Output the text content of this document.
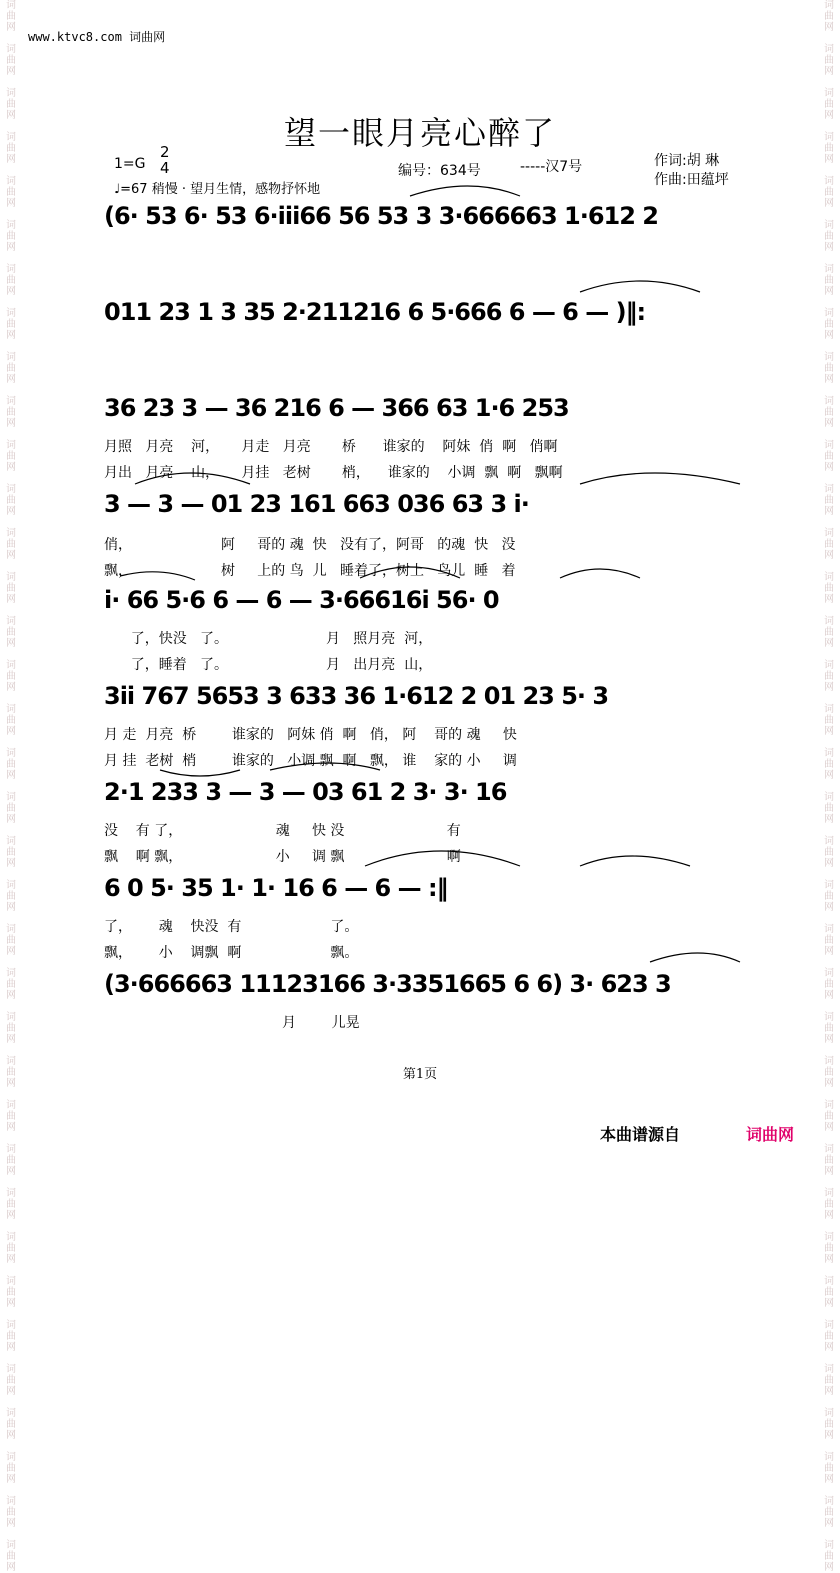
词
曲
网

词
曲
网

词
曲
网

词
曲
网

词
曲
网

词
曲
网

词
曲
网

词
曲
网

词
曲
网

词
曲
网

词
曲
网

词
曲
网

词
曲
网

词
曲
网

词
曲
网

词
曲
网

词
曲
网

词
曲
网

词
曲
网

词
曲
网

词
曲
网

词
曲
网

词
曲
网

词
曲
网

词
曲
网

词
曲
网

词
曲
网

词
曲
网

词
曲
网

词
曲
网

词
曲
网

词
曲
网

词
曲
网

词
曲
网

词
曲
网

词
曲
网

词
曲
网

词
曲
网

词
曲
网

词
曲
网

词
曲
网

词
曲
网

词
曲
网

词
曲
网

词
曲
网

词
曲
网

词
曲
网

词
曲
网

词
曲
网

词
曲
网

词
曲
网

词
曲
网

词
曲
网

词
曲
网

词
曲
网

词
曲
网

词
曲
网

词
曲
网

词
曲
网

词
曲
网

词
曲
网

词
曲
网

词
曲
网

词
曲
网

词
曲
网

词
曲
网

词
曲
网

词
曲
网

词
曲
网

词
曲
网

词
曲
网

词
曲
网

www.ktvc8.com 词曲网
望一眼月亮心醉了
1=G
2
4
♩=67 稍慢 · 望月生情，感物抒怀地
编号：634号	-----汉7号	作词:胡 琳
作曲:田蕴坪
(6· 53 6· 53 6·i̇i̇i̇66 56 53 3 3·666663 1·612 2
011 23 1 3 35 2·211216 6 5·666 6 — 6 — )‖:
36 23 3 — 36 216 6 — 366 63 1·6 253
月照   月亮    河，     月走   月亮       桥      谁家的    阿妹  俏  啊   俏啊
月出   月亮    山，     月挂   老树       梢，    谁家的    小调  飘  啊   飘啊
3 — 3 — 01 23 161 663 036 63 3 i̇·
俏，                    阿     哥的 魂  快   没有了，阿哥   的魂  快   没
飘，                    树     上的 鸟  儿   睡着了，树上   鸟儿  睡   着
i̇· 66 5·6 6 — 6 — 3·66616i 56· 0
了，快没   了。                      月   照月亮  河，
了，睡着   了。                      月   出月亮  山，
3i̇i̇ 767 5653 3 633 36 1·612 2 01 23 5· 3
月 走  月亮  桥        谁家的   阿妹 俏  啊   俏， 阿    哥的 魂     快
月 挂  老树  梢        谁家的   小调 飘  啊   飘， 谁    家的 小     调
2·1 233 3 — 3 — 03 61 2 3· 3· 16
没    有 了，                     魂     快 没                       有
飘    啊 飘，                     小     调 飘                       啊
6 0 5· 35 1· 1· 16 6 — 6 — :‖
了，      魂    快没  有                    了。
飘，      小    调飘  啊                    飘。
(3·666663 11123166 3·3351665 6 6) 3· 623 3
月        儿晃
第1页
本曲谱源自	词曲网
